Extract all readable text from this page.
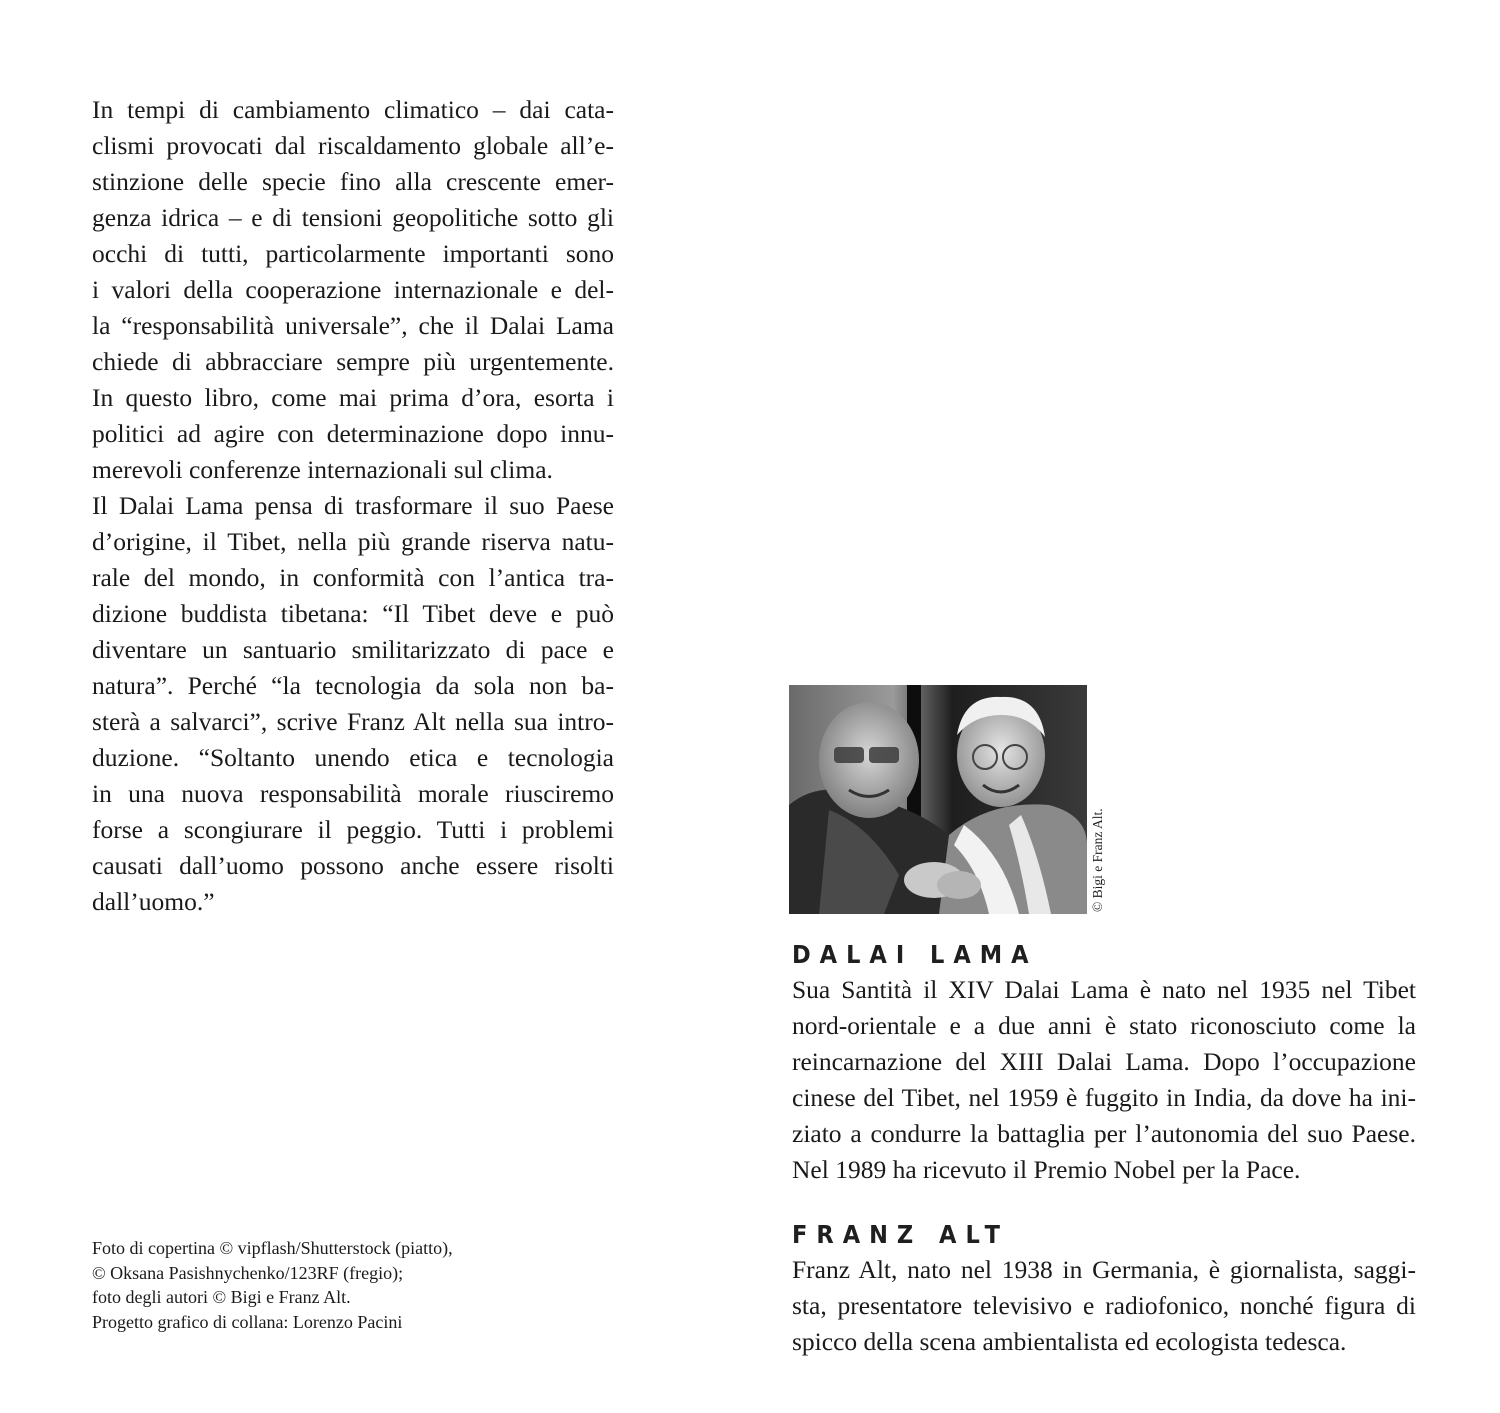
In tempi di cambiamento climatico – dai cata-
clismi provocati dal riscaldamento globale all’e-
stinzione delle specie fino alla crescente emer-
genza idrica – e di tensioni geopolitiche sotto gli
occhi di tutti, particolarmente importanti sono
i valori della cooperazione internazionale e del-
la “responsabilità universale”, che il Dalai Lama
chiede di abbracciare sempre più urgentemente.
In questo libro, come mai prima d’ora, esorta i
politici ad agire con determinazione dopo innu-
merevoli conferenze internazionali sul clima.
Il Dalai Lama pensa di trasformare il suo Paese
d’origine, il Tibet, nella più grande riserva natu-
rale del mondo, in conformità con l’antica tra-
dizione buddista tibetana: “Il Tibet deve e può
diventare un santuario smilitarizzato di pace e
natura”. Perché “la tecnologia da sola non ba-
sterà a salvarci”, scrive Franz Alt nella sua intro-
duzione. “Soltanto unendo etica e tecnologia
in una nuova responsabilità morale riusciremo
forse a scongiurare il peggio. Tutti i problemi
causati dall’uomo possono anche essere risolti
dall’uomo.”
Foto di copertina © vipflash/Shutterstock (piatto),
© Oksana Pasishnychenko/123RF (fregio);
foto degli autori © Bigi e Franz Alt.
Progetto grafico di collana: Lorenzo Pacini
© Bigi e Franz Alt.
DALAI LAMA
Sua Santità il XIV Dalai Lama è nato nel 1935 nel Tibet
nord-orientale e a due anni è stato riconosciuto come la
reincarnazione del XIII Dalai Lama. Dopo l’occupazione
cinese del Tibet, nel 1959 è fuggito in India, da dove ha ini-
ziato a condurre la battaglia per l’autonomia del suo Paese.
Nel 1989 ha ricevuto il Premio Nobel per la Pace.
FRANZ ALT
Franz Alt, nato nel 1938 in Germania, è giornalista, saggi-
sta, presentatore televisivo e radiofonico, nonché figura di
spicco della scena ambientalista ed ecologista tedesca.
